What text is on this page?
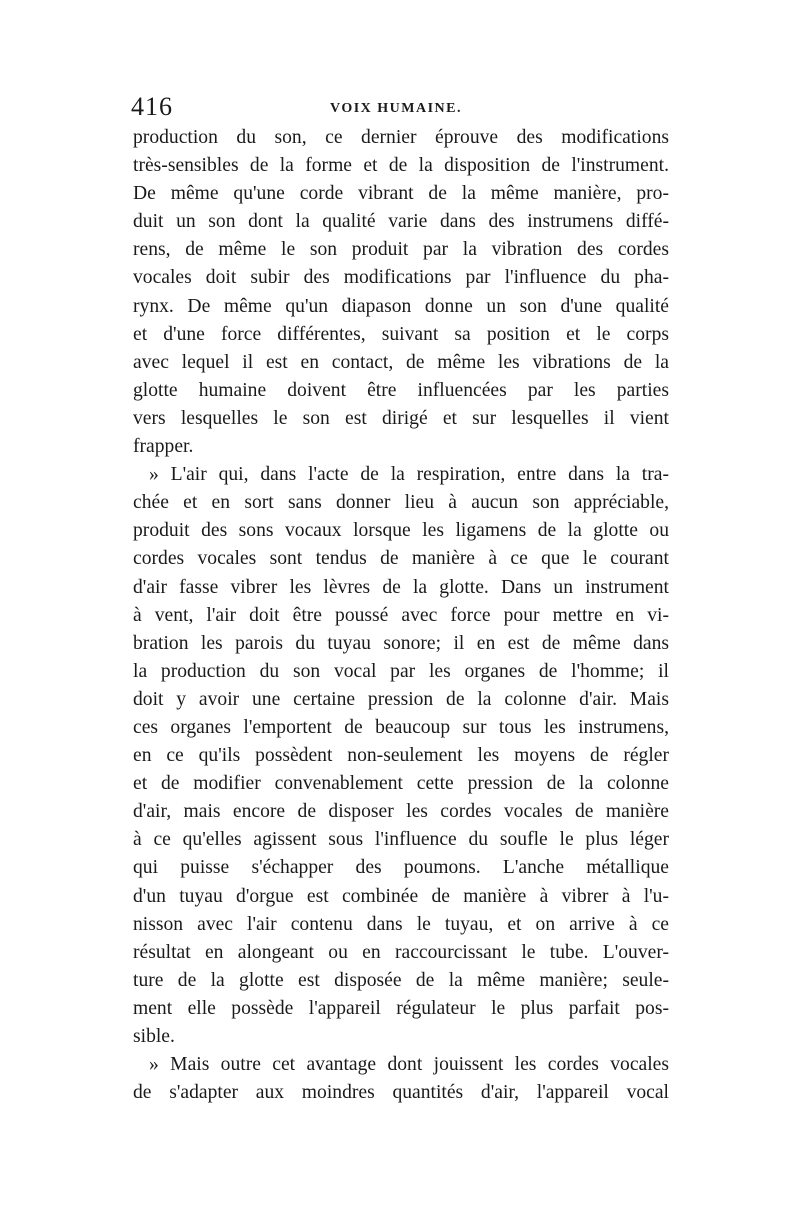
416	VOIX HUMAINE.
production du son, ce dernier éprouve des modifications
très-sensibles de la forme et de la disposition de l'instrument.
De même qu'une corde vibrant de la même manière, pro-
duit un son dont la qualité varie dans des instrumens diffé-
rens, de même le son produit par la vibration des cordes
vocales doit subir des modifications par l'influence du pha-
rynx. De même qu'un diapason donne un son d'une qualité
et d'une force différentes, suivant sa position et le corps
avec lequel il est en contact, de même les vibrations de la
glotte humaine doivent être influencées par les parties
vers lesquelles le son est dirigé et sur lesquelles il vient
frapper.
» L'air qui, dans l'acte de la respiration, entre dans la tra-
chée et en sort sans donner lieu à aucun son appréciable,
produit des sons vocaux lorsque les ligamens de la glotte ou
cordes vocales sont tendus de manière à ce que le courant
d'air fasse vibrer les lèvres de la glotte. Dans un instrument
à vent, l'air doit être poussé avec force pour mettre en vi-
bration les parois du tuyau sonore; il en est de même dans
la production du son vocal par les organes de l'homme; il
doit y avoir une certaine pression de la colonne d'air. Mais
ces organes l'emportent de beaucoup sur tous les instrumens,
en ce qu'ils possèdent non-seulement les moyens de régler
et de modifier convenablement cette pression de la colonne
d'air, mais encore de disposer les cordes vocales de manière
à ce qu'elles agissent sous l'influence du soufle le plus léger
qui puisse s'échapper des poumons. L'anche métallique
d'un tuyau d'orgue est combinée de manière à vibrer à l'u-
nisson avec l'air contenu dans le tuyau, et on arrive à ce
résultat en alongeant ou en raccourcissant le tube. L'ouver-
ture de la glotte est disposée de la même manière; seule-
ment elle possède l'appareil régulateur le plus parfait pos-
sible.
» Mais outre cet avantage dont jouissent les cordes vocales
de s'adapter aux moindres quantités d'air, l'appareil vocal
